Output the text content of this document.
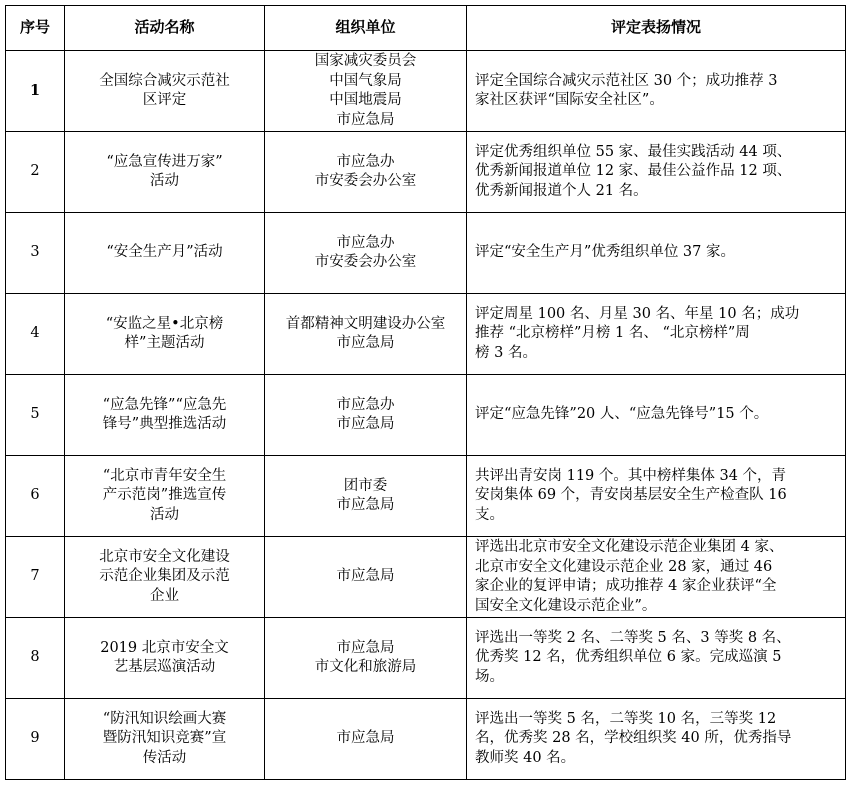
序号	活动名称	组织单位	评定表扬情况
1	全国综合减灾示范社
区评定	国家减灾委员会
中国气象局
中国地震局
市应急局	评定全国综合减灾示范社区 30 个；成功推荐 3
家社区获评“国际安全社区”。

2	“应急宣传进万家”
活动	市应急办
市安委会办公室	评定优秀组织单位 55 家、最佳实践活动 44 项、
优秀新闻报道单位 12 家、最佳公益作品 12 项、
优秀新闻报道个人 21 名。

3	“安全生产月”活动	市应急办
市安委会办公室	评定“安全生产月”优秀组织单位 37 家。

4	“安监之星•北京榜
样”主题活动	首都精神文明建设办公室
市应急局	评定周星 100 名、月星 30 名、年星 10 名；成功
推荐 “北京榜样”月榜 1 名、 “北京榜样”周
榜 3 名。

5	“应急先锋”“应急先
锋号”典型推选活动	市应急办
市应急局	评定“应急先锋”20 人、“应急先锋号”15 个。

6	“北京市青年安全生
产示范岗”推选宣传
活动	团市委
市应急局	共评出青安岗 119 个。其中榜样集体 34 个，青
安岗集体 69 个，青安岗基层安全生产检查队 16
支。

7	北京市安全文化建设
示范企业集团及示范
企业	市应急局	评选出北京市安全文化建设示范企业集团 4 家、
北京市安全文化建设示范企业 28 家，通过 46
家企业的复评申请；成功推荐 4 家企业获评“全
国安全文化建设示范企业”。

8	2019 北京市安全文
艺基层巡演活动	市应急局
市文化和旅游局	评选出一等奖 2 名、二等奖 5 名、3 等奖 8 名、
优秀奖 12 名，优秀组织单位 6 家。完成巡演 5
场。

9	“防汛知识绘画大赛
暨防汛知识竞赛”宣
传活动	市应急局	评选出一等奖 5 名，二等奖 10 名，三等奖 12
名，优秀奖 28 名，学校组织奖 40 所，优秀指导
教师奖 40 名。
